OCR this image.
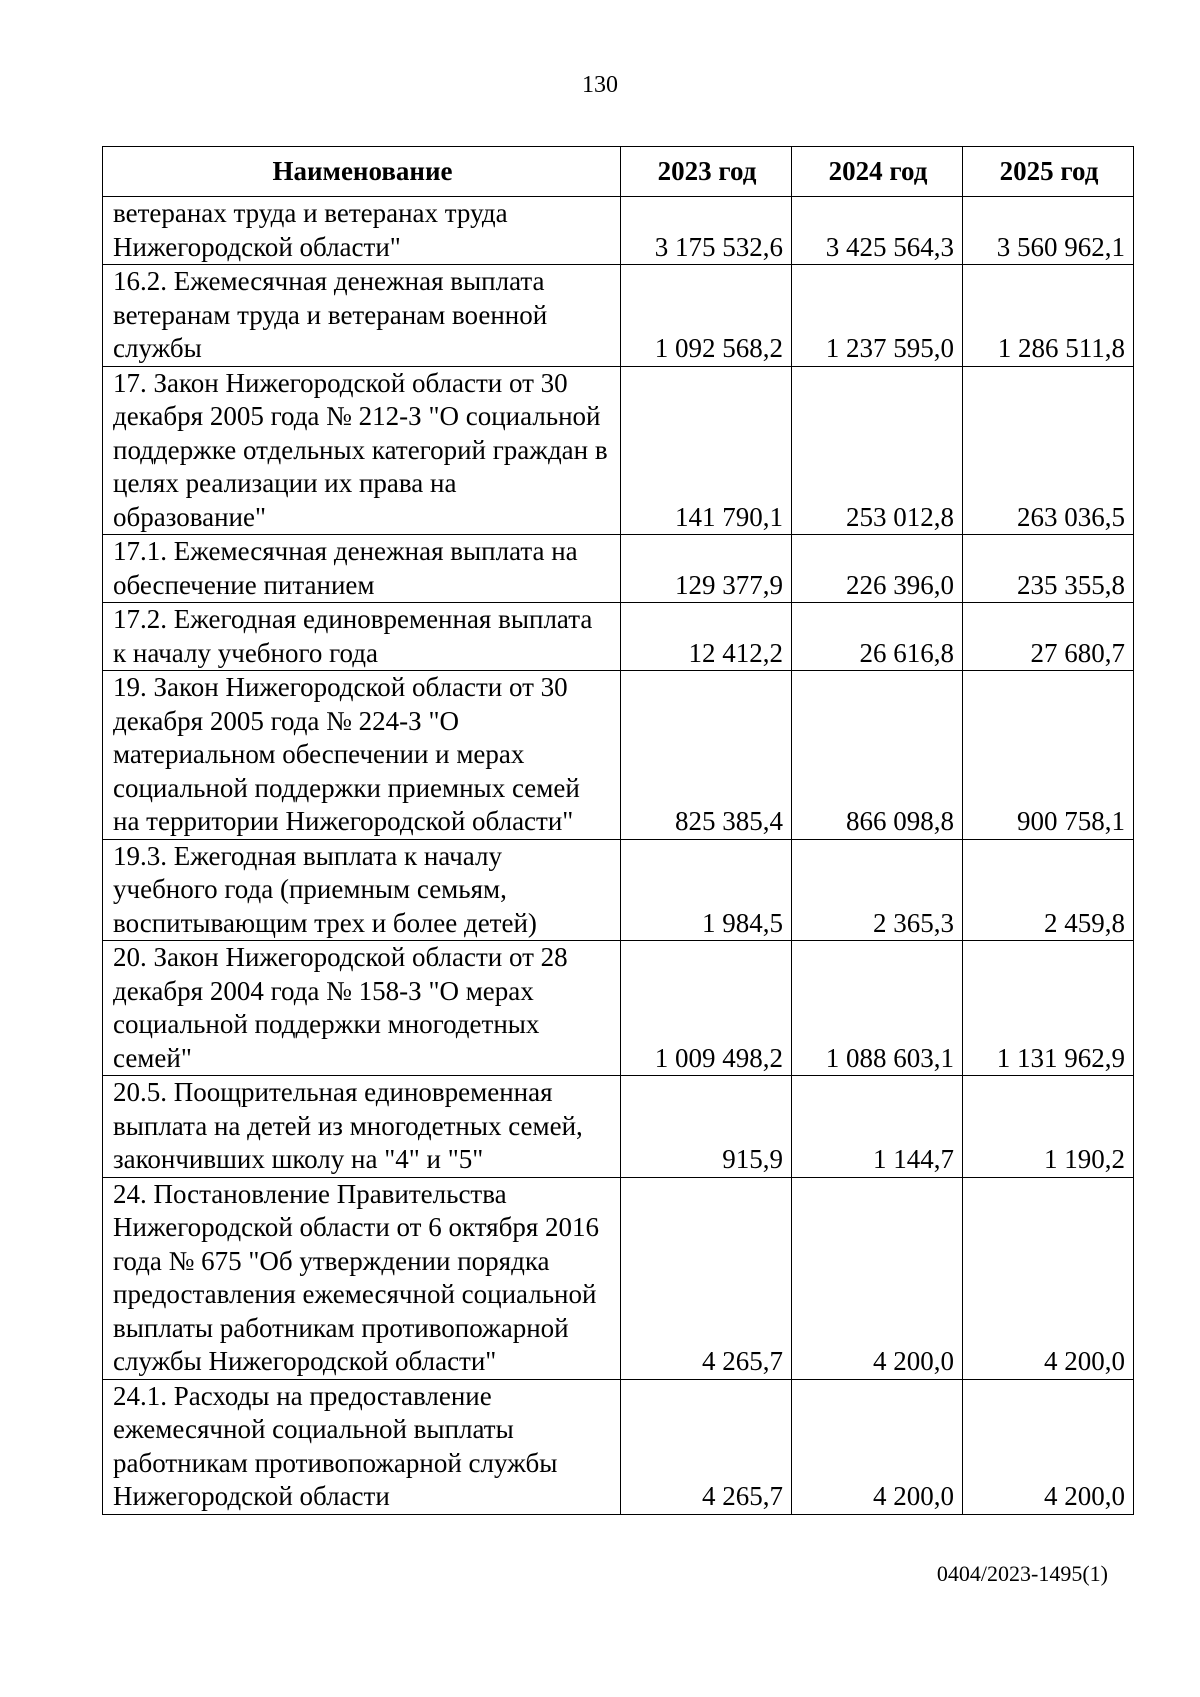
130
Наименование	2023 год	2024 год	2025 год
ветеранах труда и ветеранах труда Нижегородской области"	3 175 532,6	3 425 564,3	3 560 962,1
16.2. Ежемесячная денежная выплата ветеранам труда и ветеранам военной службы	1 092 568,2	1 237 595,0	1 286 511,8
17. Закон Нижегородской области от 30 декабря 2005 года № 212-З "О социальной поддержке отдельных категорий граждан в целях реализации их права на образование"	141 790,1	253 012,8	263 036,5
17.1. Ежемесячная денежная выплата на обеспечение питанием	129 377,9	226 396,0	235 355,8
17.2. Ежегодная единовременная выплата к началу учебного года	12 412,2	26 616,8	27 680,7
19. Закон Нижегородской области от 30 декабря 2005 года № 224-З "О материальном обеспечении и мерах социальной поддержки приемных семей на территории Нижегородской области"	825 385,4	866 098,8	900 758,1
19.3. Ежегодная выплата к началу учебного года (приемным семьям, воспитывающим трех и более детей)	1 984,5	2 365,3	2 459,8
20. Закон Нижегородской области от 28 декабря 2004 года № 158-З "О мерах социальной поддержки многодетных семей"	1 009 498,2	1 088 603,1	1 131 962,9
20.5. Поощрительная единовременная выплата на детей из многодетных семей, закончивших школу на "4" и "5"	915,9	1 144,7	1 190,2
24. Постановление Правительства Нижегородской области от 6 октября 2016 года № 675 "Об утверждении порядка предоставления ежемесячной социальной выплаты работникам противопожарной службы Нижегородской области"	4 265,7	4 200,0	4 200,0
24.1. Расходы на предоставление ежемесячной социальной выплаты работникам противопожарной службы Нижегородской области	4 265,7	4 200,0	4 200,0
0404/2023-1495(1)
